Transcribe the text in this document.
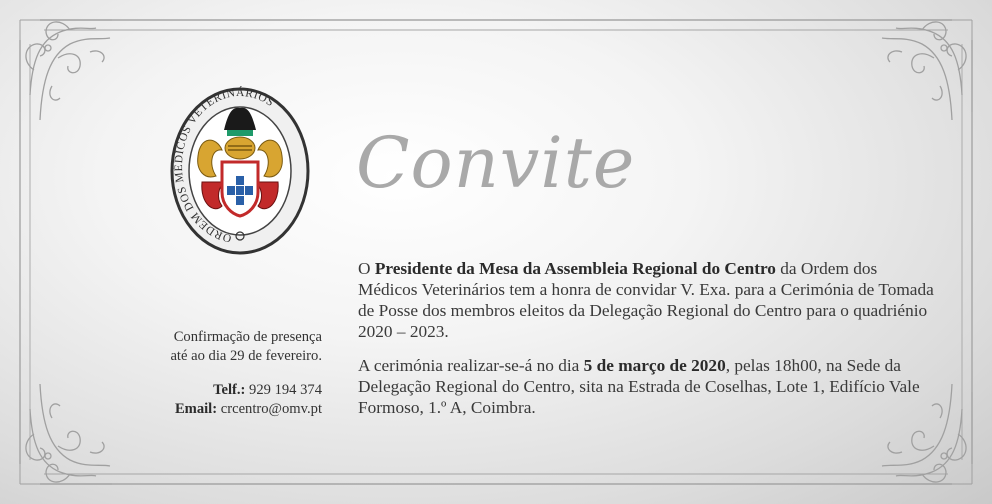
ORDEM DOS MÉDICOS VETERINÁRIOS
Convite

O Presidente da Mesa da Assembleia Regional do Centro da Ordem dos Médicos Veterinários tem a honra de convidar V. Exa. para a Cerimónia de Tomada de Posse dos membros eleitos da Delegação Regional do Centro para o quadriénio 2020 – 2023.

A cerimónia realizar-se-á no dia 5 de março de 2020, pelas 18h00, na Sede da Delegação Regional do Centro, sita na Estrada de Coselhas, Lote 1, Edifício Vale Formoso, 1.º A, Coimbra.

Confirmação de presença
até ao dia 29 de fevereiro.
Telf.: 929 194 374
Email: crcentro@omv.pt
